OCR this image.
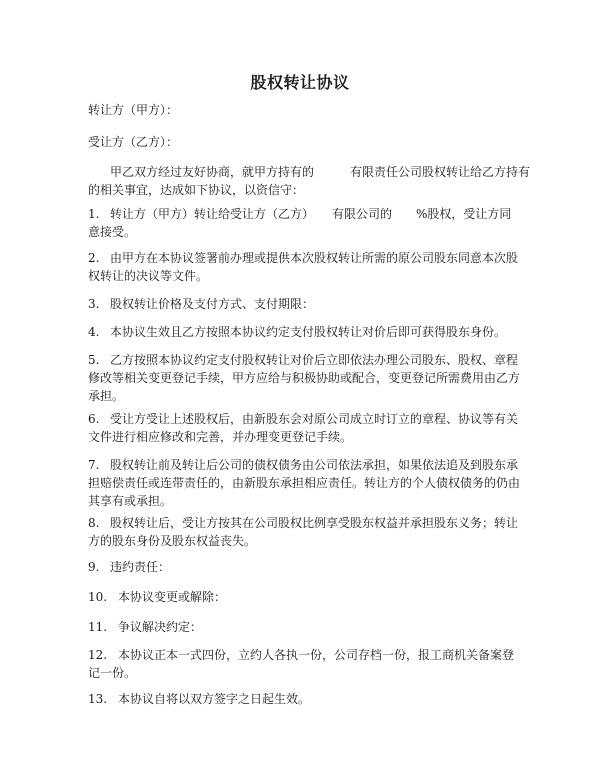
股权转让协议
转让方（甲方）：
受让方（乙方）：
甲乙双方经过友好协商，就甲方持有的　　　有限责任公司股权转让给乙方持有
的相关事宜，达成如下协议，以资信守：
1. 转让方（甲方）转让给受让方（乙方）　　有限公司的　　%股权，受让方同
意接受。
2. 由甲方在本协议签署前办理或提供本次股权转让所需的原公司股东同意本次股
权转让的决议等文件。
3. 股权转让价格及支付方式、支付期限：
4. 本协议生效且乙方按照本协议约定支付股权转让对价后即可获得股东身份。
5. 乙方按照本协议约定支付股权转让对价后立即依法办理公司股东、股权、章程
修改等相关变更登记手续，甲方应给与积极协助或配合，变更登记所需费用由乙方
承担。
6. 受让方受让上述股权后，由新股东会对原公司成立时订立的章程、协议等有关
文件进行相应修改和完善，并办理变更登记手续。
7. 股权转让前及转让后公司的债权债务由公司依法承担，如果依法追及到股东承
担赔偿责任或连带责任的，由新股东承担相应责任。转让方的个人债权债务的仍由
其享有或承担。
8. 股权转让后，受让方按其在公司股权比例享受股东权益并承担股东义务；转让
方的股东身份及股东权益丧失。
9. 违约责任：
10. 本协议变更或解除：
11. 争议解决约定：
12. 本协议正本一式四份，立约人各执一份，公司存档一份，报工商机关备案登
记一份。
13. 本协议自将以双方签字之日起生效。
